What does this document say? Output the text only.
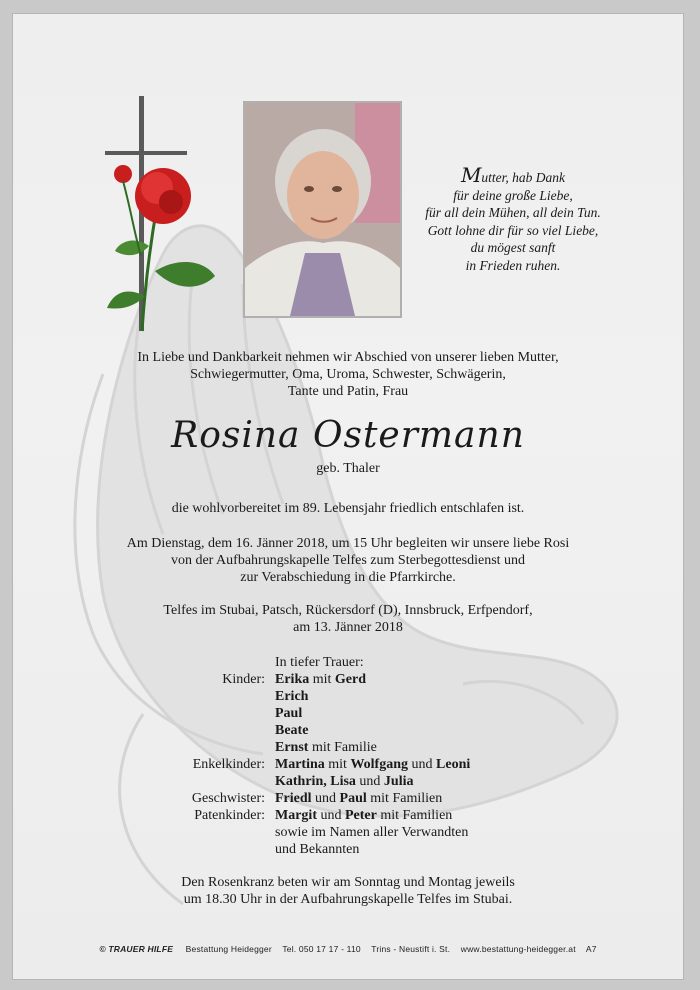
Mutter, hab Dank
für deine große Liebe,
für all dein Mühen, all dein Tun.
Gott lohne dir für so viel Liebe,
du mögest sanft
in Frieden ruhen.
In Liebe und Dankbarkeit nehmen wir Abschied von unserer lieben Mutter,
Schwiegermutter, Oma, Uroma, Schwester, Schwägerin,
Tante und Patin, Frau
Rosina Ostermann
geb. Thaler
die wohlvorbereitet im 89. Lebensjahr friedlich entschlafen ist.
Am Dienstag, dem 16. Jänner 2018, um 15 Uhr begleiten wir unsere liebe Rosi
von der Aufbahrungskapelle Telfes zum Sterbegottesdienst und
zur Verabschiedung in die Pfarrkirche.
Telfes im Stubai, Patsch, Rückersdorf (D), Innsbruck, Erfpendorf,
am 13. Jänner 2018
In tiefer Trauer:
Kinder: Erika mit Gerd
Erich
Paul
Beate
Ernst mit Familie
Enkelkinder: Martina mit Wolfgang und Leoni
Kathrin, Lisa und Julia
Geschwister: Friedl und Paul mit Familien
Patenkinder: Margit und Peter mit Familien
sowie im Namen aller Verwandten
und Bekannten
Den Rosenkranz beten wir am Sonntag und Montag jeweils
um 18.30 Uhr in der Aufbahrungskapelle Telfes im Stubai.
© TRAUER HILFE Bestattung Heidegger Tel. 050 17 17 - 110 Trins - Neustift i. St. www.bestattung-heidegger.at A7
